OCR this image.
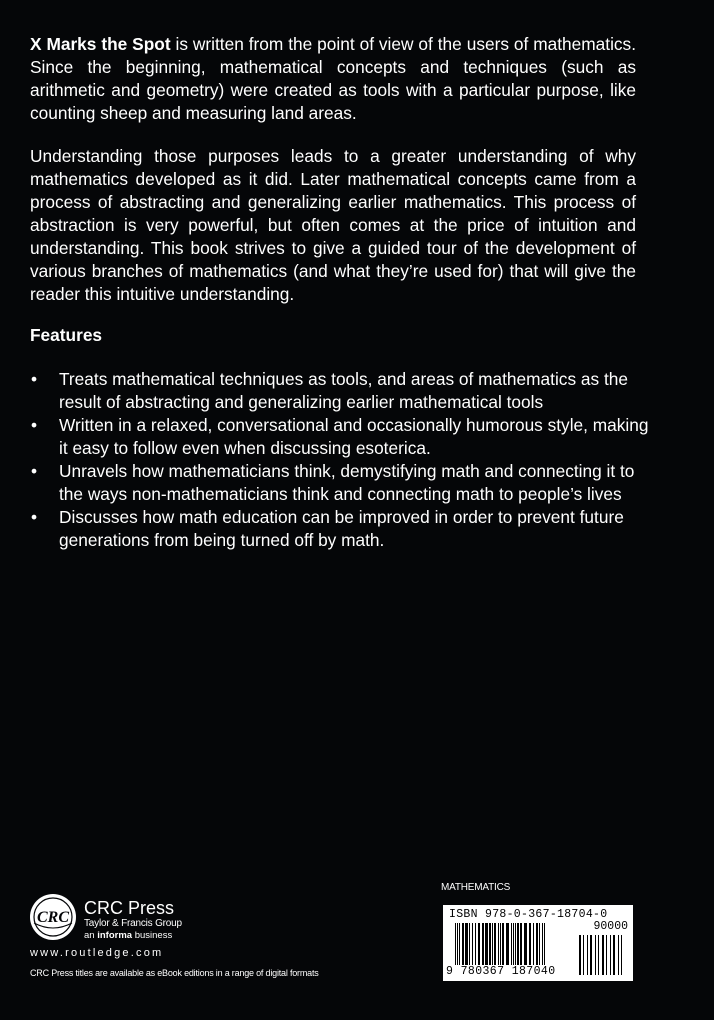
X Marks the Spot is written from the point of view of the users of mathematics. Since the beginning, mathematical concepts and techniques (such as arithmetic and geometry) were created as tools with a particular purpose, like counting sheep and measuring land areas.

Understanding those purposes leads to a greater understanding of why mathematics developed as it did. Later mathematical concepts came from a process of abstracting and generalizing earlier mathematics. This process of abstraction is very powerful, but often comes at the price of intuition and understanding. This book strives to give a guided tour of the development of various branches of mathematics (and what they’re used for) that will give the reader this intuitive understanding.

Features

• Treats mathematical techniques as tools, and areas of mathematics as the result of abstracting and generalizing earlier mathematical tools
• Written in a relaxed, conversational and occasionally humorous style, making it easy to follow even when discussing esoterica.
• Unravels how mathematicians think, demystifying math and connecting it to the ways non-mathematicians think and connecting math to people’s lives
• Discusses how math education can be improved in order to prevent future generations from being turned off by math.
CRC CRC Press
Taylor & Francis Group
an informa business
www.routledge.com
CRC Press titles are available as eBook editions in a range of digital formats
MATHEMATICS
ISBN 978-0-367-18704-0
90000
9 780367 187040
